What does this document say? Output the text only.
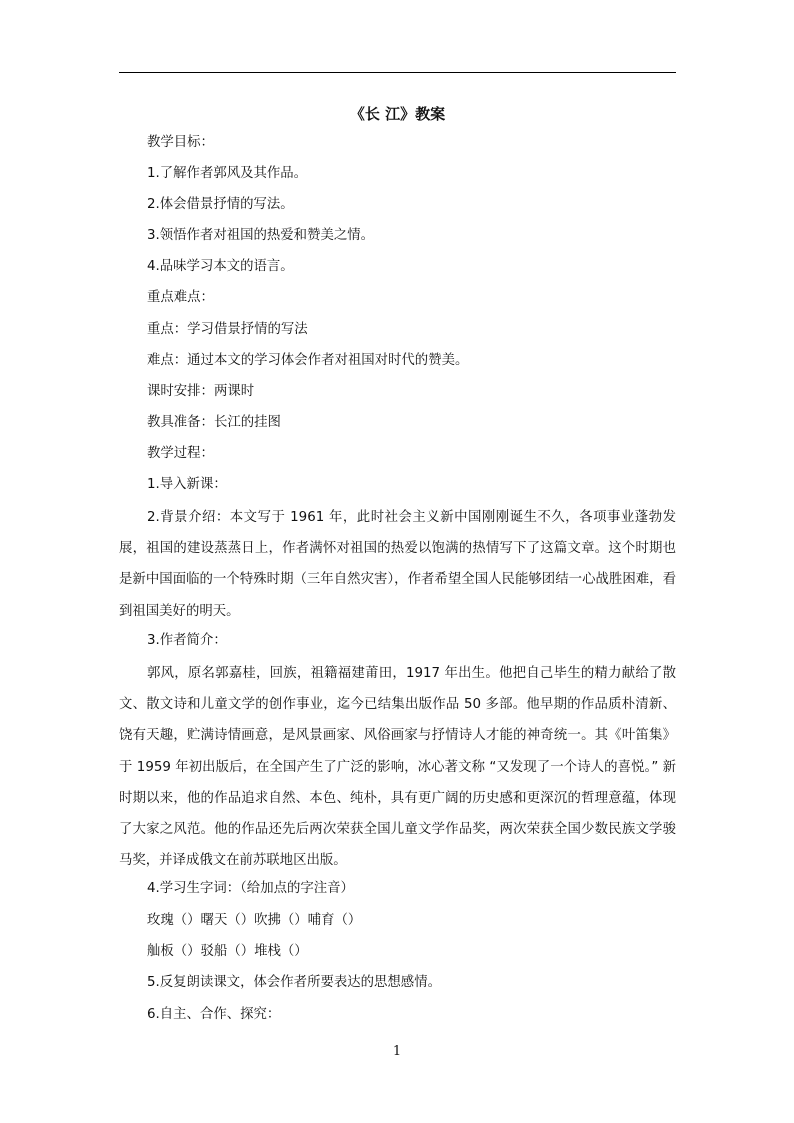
《长 江》教案
教学目标：
1.了解作者郭风及其作品。
2.体会借景抒情的写法。
3.领悟作者对祖国的热爱和赞美之情。
4.品味学习本文的语言。
重点难点：
重点：学习借景抒情的写法
难点：通过本文的学习体会作者对祖国对时代的赞美。
课时安排：两课时
教具准备：长江的挂图
教学过程：
1.导入新课：

2.背景介绍：本文写于 1961 年，此时社会主义新中国刚刚诞生不久，各项事业蓬勃发展，祖国的建设蒸蒸日上，作者满怀对祖国的热爱以饱满的热情写下了这篇文章。这个时期也是新中国面临的一个特殊时期（三年自然灾害），作者希望全国人民能够团结一心战胜困难，看到祖国美好的明天。

3.作者简介：

郭风，原名郭嘉桂，回族，祖籍福建莆田，1917 年出生。他把自己毕生的精力献给了散文、散文诗和儿童文学的创作事业，迄今已结集出版作品 50 多部。他早期的作品质朴清新、饶有天趣，贮满诗情画意，是风景画家、风俗画家与抒情诗人才能的神奇统一。其《叶笛集》于 1959 年初出版后，在全国产生了广泛的影响，冰心著文称 “又发现了一个诗人的喜悦。” 新时期以来，他的作品追求自然、本色、纯朴，具有更广阔的历史感和更深沉的哲理意蕴，体现了大家之风范。他的作品还先后两次荣获全国儿童文学作品奖，两次荣获全国少数民族文学骏马奖，并译成俄文在前苏联地区出版。

4.学习生字词：（给加点的字注音）
玫瑰（）曙天（）吹拂（）哺育（）
舢板（）驳船（）堆栈（）
5.反复朗读课文，体会作者所要表达的思想感情。
6.自主、合作、探究：
1
